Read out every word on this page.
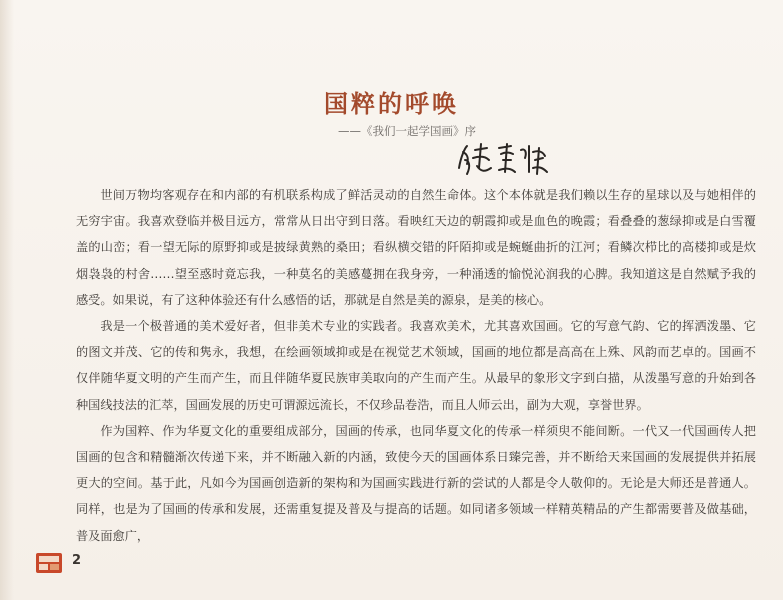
国粹的呼唤
——《我们一起学国画》序

世间万物均客观存在和内部的有机联系构成了鲜活灵动的自然生命体。这个本体就是我们赖以生存的星球以及与她相伴的无穷宇宙。我喜欢登临并极目远方，常常从日出守到日落。看映红天边的朝霞抑或是血色的晚霞；看叠叠的葱绿抑或是白雪覆盖的山峦；看一望无际的原野抑或是披绿黄熟的桑田；看纵横交错的阡陌抑或是蜿蜒曲折的江河；看鳞次栉比的高楼抑或是炊烟袅袅的村舍……望至惑时竟忘我，一种莫名的美感蔓拥在我身旁，一种涌透的愉悦沁润我的心脾。我知道这是自然赋予我的感受。如果说，有了这种体验还有什么感悟的话，那就是自然是美的源泉，是美的核心。

我是一个极普通的美术爱好者，但非美术专业的实践者。我喜欢美术，尤其喜欢国画。它的写意气韵、它的挥洒泼墨、它的图文并茂、它的传和隽永，我想，在绘画领域抑或是在视觉艺术领域，国画的地位都是高高在上殊、风韵而艺卓的。国画不仅伴随华夏文明的产生而产生，而且伴随华夏民族审美取向的产生而产生。从最早的象形文字到白描，从泼墨写意的升始到各种国线技法的汇萃，国画发展的历史可谓源远流长，不仅珍品卷浩，而且人师云出，副为大观，享誉世界。

作为国粹、作为华夏文化的重要组成部分，国画的传承，也同华夏文化的传承一样须臾不能间断。一代又一代国画传人把国画的包含和精髓渐次传递下来，并不断融入新的内涵，致使今天的国画体系日臻完善，并不断给天来国画的发展提供并拓展更大的空间。基于此，凡如今为国画创造新的架构和为国画实践进行新的尝试的人都是令人敬仰的。无论是大师还是普通人。同样，也是为了国画的传承和发展，还需重复提及普及与提高的话题。如同诸多领域一样精英精品的产生都需要普及做基础，普及面愈广，

2
